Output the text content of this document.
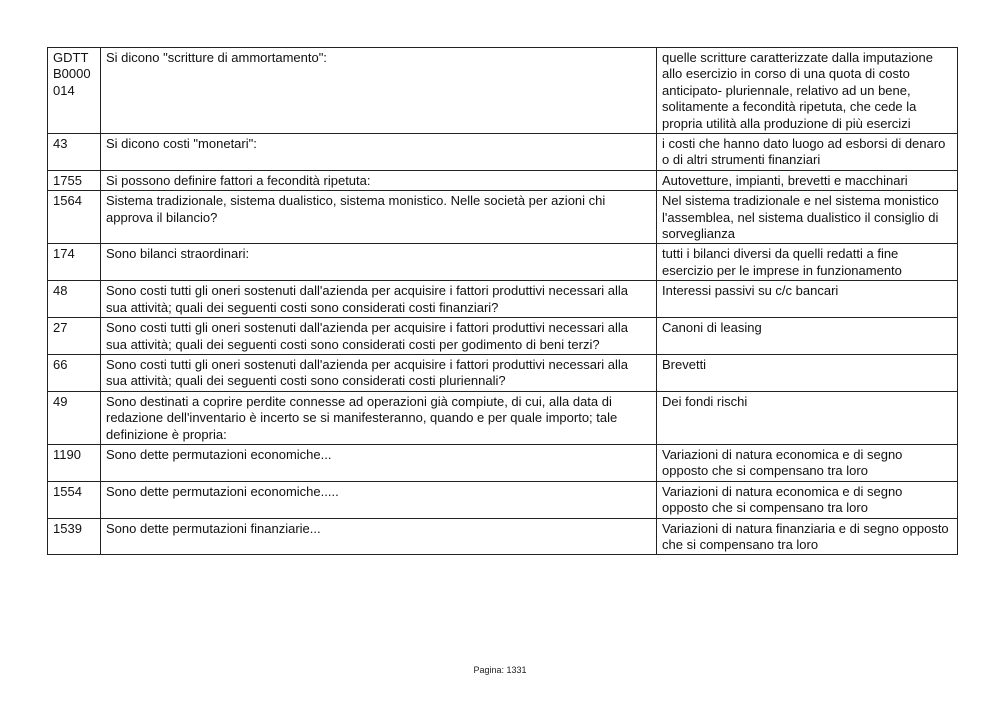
GDTTB0000014	Si dicono "scritture di ammortamento":	quelle scritture caratterizzate dalla imputazione allo esercizio in corso di una quota di costo anticipato- pluriennale, relativo ad un bene, solitamente a fecondità ripetuta, che cede la propria utilità alla produzione di più esercizi
43	Si dicono costi "monetari":	i costi che hanno dato luogo ad esborsi di denaro o di altri strumenti finanziari
1755	Si possono definire fattori a fecondità ripetuta:	Autovetture, impianti, brevetti e macchinari
1564	Sistema tradizionale, sistema dualistico, sistema monistico. Nelle società per azioni chi approva il bilancio?	Nel sistema tradizionale e nel sistema monistico l'assemblea, nel sistema dualistico il consiglio di sorveglianza
174	Sono bilanci straordinari:	tutti i bilanci diversi da quelli redatti a fine esercizio per le imprese in funzionamento
48	Sono costi tutti gli oneri sostenuti dall'azienda per acquisire i fattori produttivi necessari alla sua attività; quali dei seguenti costi sono considerati costi finanziari?	Interessi passivi su c/c bancari
27	Sono costi tutti gli oneri sostenuti dall'azienda per acquisire i fattori produttivi necessari alla sua attività; quali dei seguenti costi sono considerati costi per godimento di beni terzi?	Canoni di leasing
66	Sono costi tutti gli oneri sostenuti dall'azienda per acquisire i fattori produttivi necessari alla sua attività; quali dei seguenti costi sono considerati costi pluriennali?	Brevetti
49	Sono destinati a coprire perdite connesse ad operazioni già compiute, di cui, alla data di redazione dell'inventario è incerto se si manifesteranno, quando e per quale importo; tale definizione è propria:	Dei fondi rischi
1190	Sono dette permutazioni economiche...	Variazioni di natura economica e di segno opposto che si compensano tra loro
1554	Sono dette permutazioni economiche.....	Variazioni di natura economica e di segno opposto che si compensano tra loro
1539	Sono dette permutazioni finanziarie...	Variazioni di natura finanziaria e di segno opposto che si compensano tra loro
Pagina: 1331
